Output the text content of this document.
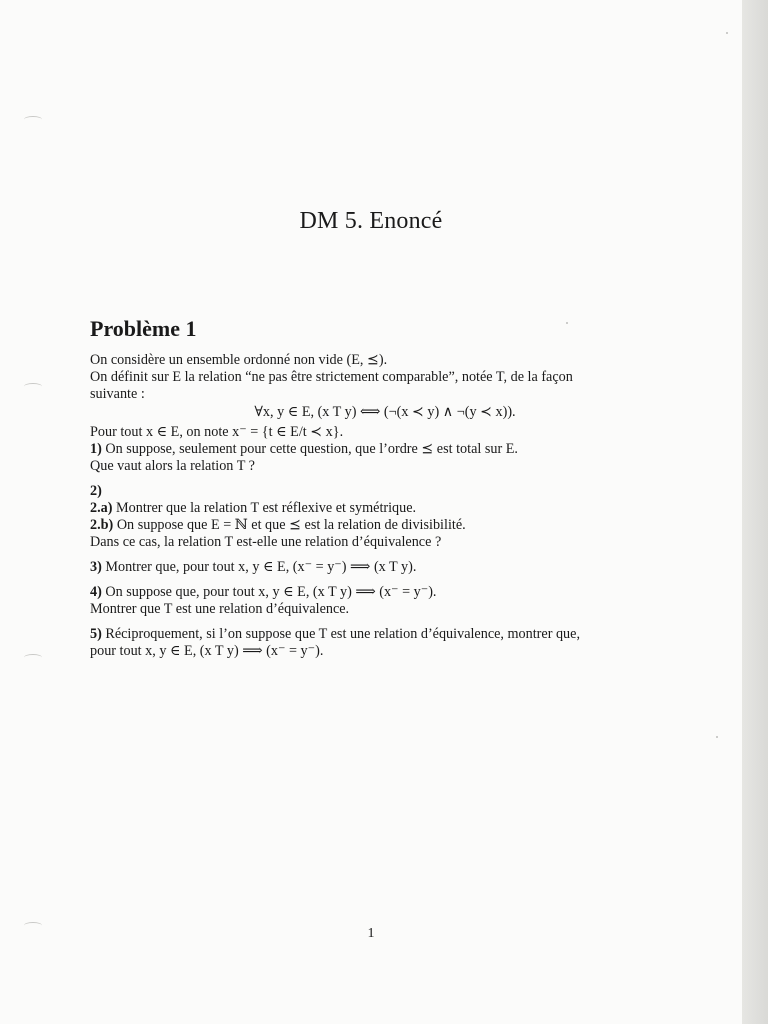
DM 5. Enoncé
Problème 1
On considère un ensemble ordonné non vide (E, ⪯).
On définit sur E la relation “ne pas être strictement comparable”, notée T, de la façon
suivante :
∀x, y ∈ E, (x T y) ⟺ (¬(x ≺ y) ∧ ¬(y ≺ x)).
Pour tout x ∈ E, on note x⁻ = {t ∈ E/t ≺ x}.
1) On suppose, seulement pour cette question, que l’ordre ⪯ est total sur E.
Que vaut alors la relation T ?
2)
2.a) Montrer que la relation T est réflexive et symétrique.
2.b) On suppose que E = ℕ et que ⪯ est la relation de divisibilité.
Dans ce cas, la relation T est-elle une relation d’équivalence ?
3) Montrer que, pour tout x, y ∈ E, (x⁻ = y⁻) ⟹ (x T y).
4) On suppose que, pour tout x, y ∈ E, (x T y) ⟹ (x⁻ = y⁻).
Montrer que T est une relation d’équivalence.
5) Réciproquement, si l’on suppose que T est une relation d’équivalence, montrer que,
pour tout x, y ∈ E, (x T y) ⟹ (x⁻ = y⁻).
1
